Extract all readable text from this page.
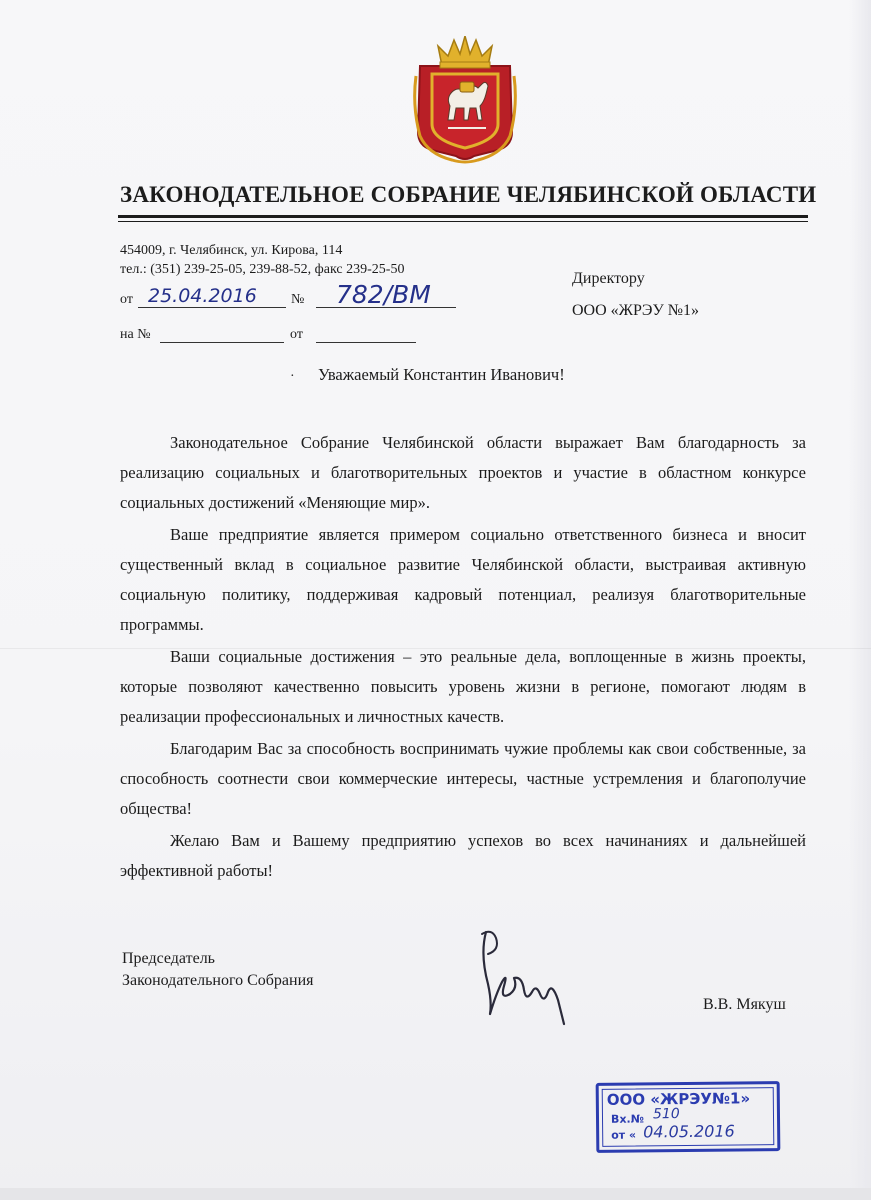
ЗАКОНОДАТЕЛЬНОЕ СОБРАНИЕ ЧЕЛЯБИНСКОЙ ОБЛАСТИ
454009, г. Челябинск, ул. Кирова, 114
тел.: (351) 239-25-05, 239-88-52, факс 239-25-50
от 25.04.2016 № 782/ВМ
на №	от
Директору
ООО «ЖРЭУ №1»
· Уважаемый Константин Иванович!

Законодательное Собрание Челябинской области выражает Вам благодарность за реализацию социальных и благотворительных проектов и участие в областном конкурсе социальных достижений «Меняющие мир».

Ваше предприятие является примером социально ответственного бизнеса и вносит существенный вклад в социальное развитие Челябинской области, выстраивая активную социальную политику, поддерживая кадровый потенциал, реализуя благотворительные программы.

Ваши социальные достижения – это реальные дела, воплощенные в жизнь проекты, которые позволяют качественно повысить уровень жизни в регионе, помогают людям в реализации профессиональных и личностных качеств.

Благодарим Вас за способность воспринимать чужие проблемы как свои собственные, за способность соотнести свои коммерческие интересы, частные устремления и благополучие общества!

Желаю Вам и Вашему предприятию успехов во всех начинаниях и дальнейшей эффективной работы!

Председатель
Законодательного Собрания
В.В. Мякуш
ООО «ЖРЭУ№1»
Вх.№ 510
от « 04.05.2016
